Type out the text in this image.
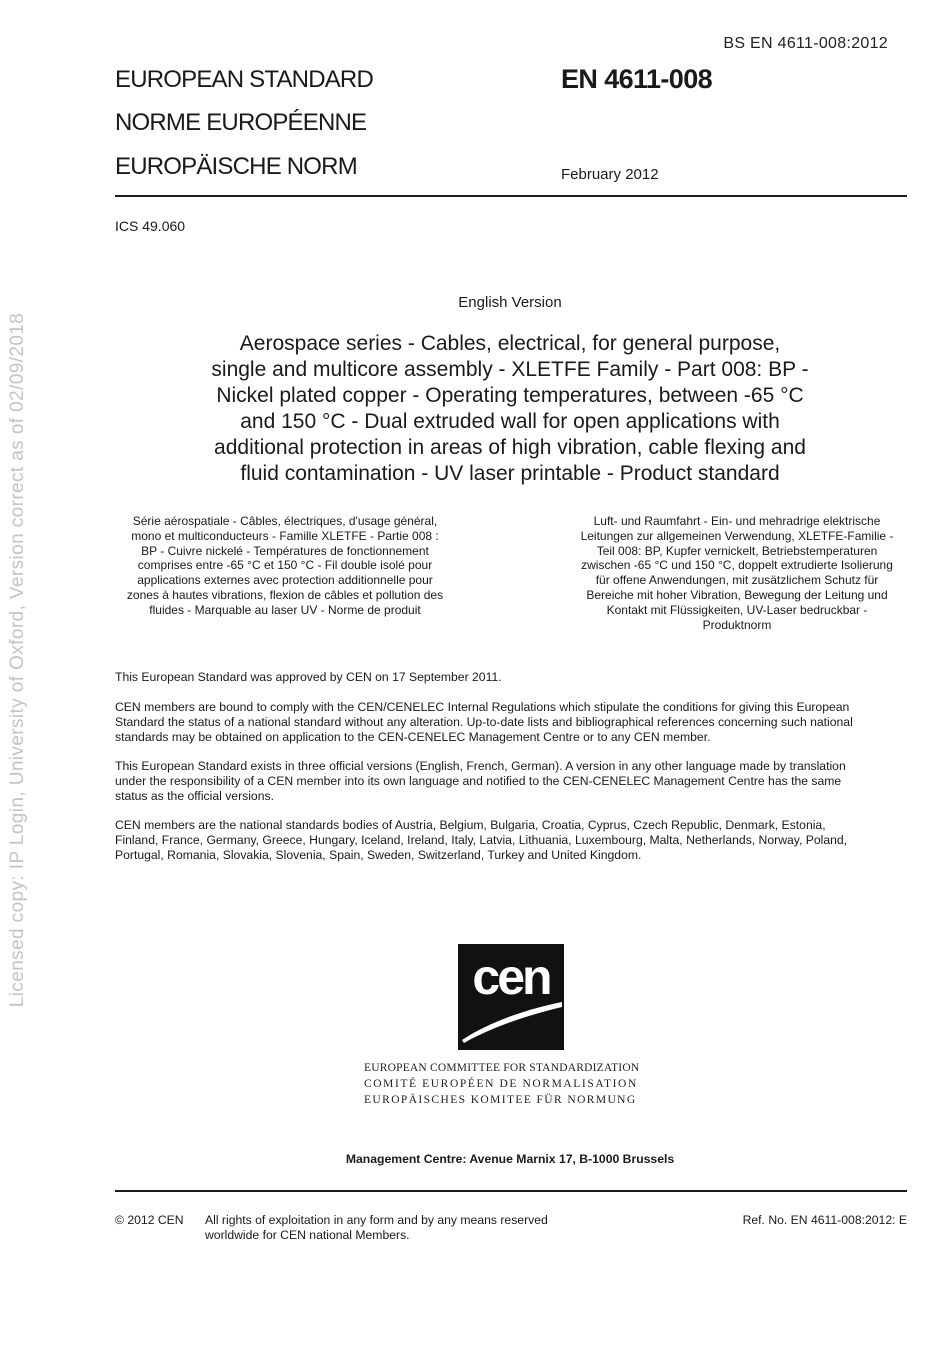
Licensed copy: IP Login, University of Oxford, Version correct as of 02/09/2018
BS EN 4611-008:2012
EUROPEAN STANDARD
NORME EUROPÉENNE
EUROPÄISCHE NORM
EN 4611-008
February 2012
ICS 49.060
English Version
Aerospace series - Cables, electrical, for general purpose,
single and multicore assembly - XLETFE Family - Part 008: BP -
Nickel plated copper - Operating temperatures, between -65 °C
and 150 °C - Dual extruded wall for open applications with
additional protection in areas of high vibration, cable flexing and
fluid contamination - UV laser printable - Product standard
Série aérospatiale - Câbles, électriques, d'usage général,
mono et multiconducteurs - Famille XLETFE - Partie 008 :
BP - Cuivre nickelé - Températures de fonctionnement
comprises entre -65 °C et 150 °C - Fil double isolé pour
applications externes avec protection additionnelle pour
zones à hautes vibrations, flexion de câbles et pollution des
fluides - Marquable au laser UV - Norme de produit
Luft- und Raumfahrt - Ein- und mehradrige elektrische
Leitungen zur allgemeinen Verwendung, XLETFE-Familie -
Teil 008: BP, Kupfer vernickelt, Betriebstemperaturen
zwischen -65 °C und 150 °C, doppelt extrudierte Isolierung
für offene Anwendungen, mit zusätzlichem Schutz für
Bereiche mit hoher Vibration, Bewegung der Leitung und
Kontakt mit Flüssigkeiten, UV-Laser bedruckbar -
Produktnorm
This European Standard was approved by CEN on 17 September 2011.
CEN members are bound to comply with the CEN/CENELEC Internal Regulations which stipulate the conditions for giving this European
Standard the status of a national standard without any alteration. Up-to-date lists and bibliographical references concerning such national
standards may be obtained on application to the CEN-CENELEC Management Centre or to any CEN member.
This European Standard exists in three official versions (English, French, German). A version in any other language made by translation
under the responsibility of a CEN member into its own language and notified to the CEN-CENELEC Management Centre has the same
status as the official versions.
CEN members are the national standards bodies of Austria, Belgium, Bulgaria, Croatia, Cyprus, Czech Republic, Denmark, Estonia,
Finland, France, Germany, Greece, Hungary, Iceland, Ireland, Italy, Latvia, Lithuania, Luxembourg, Malta, Netherlands, Norway, Poland,
Portugal, Romania, Slovakia, Slovenia, Spain, Sweden, Switzerland, Turkey and United Kingdom.
cen
EUROPEAN COMMITTEE FOR STANDARDIZATION
COMITÉ EUROPÉEN DE NORMALISATION
EUROPÄISCHES KOMITEE FÜR NORMUNG
Management Centre: Avenue Marnix 17, B-1000 Brussels
© 2012 CEN All rights of exploitation in any form and by any means reserved
worldwide for CEN national Members.
Ref. No. EN 4611-008:2012: E
